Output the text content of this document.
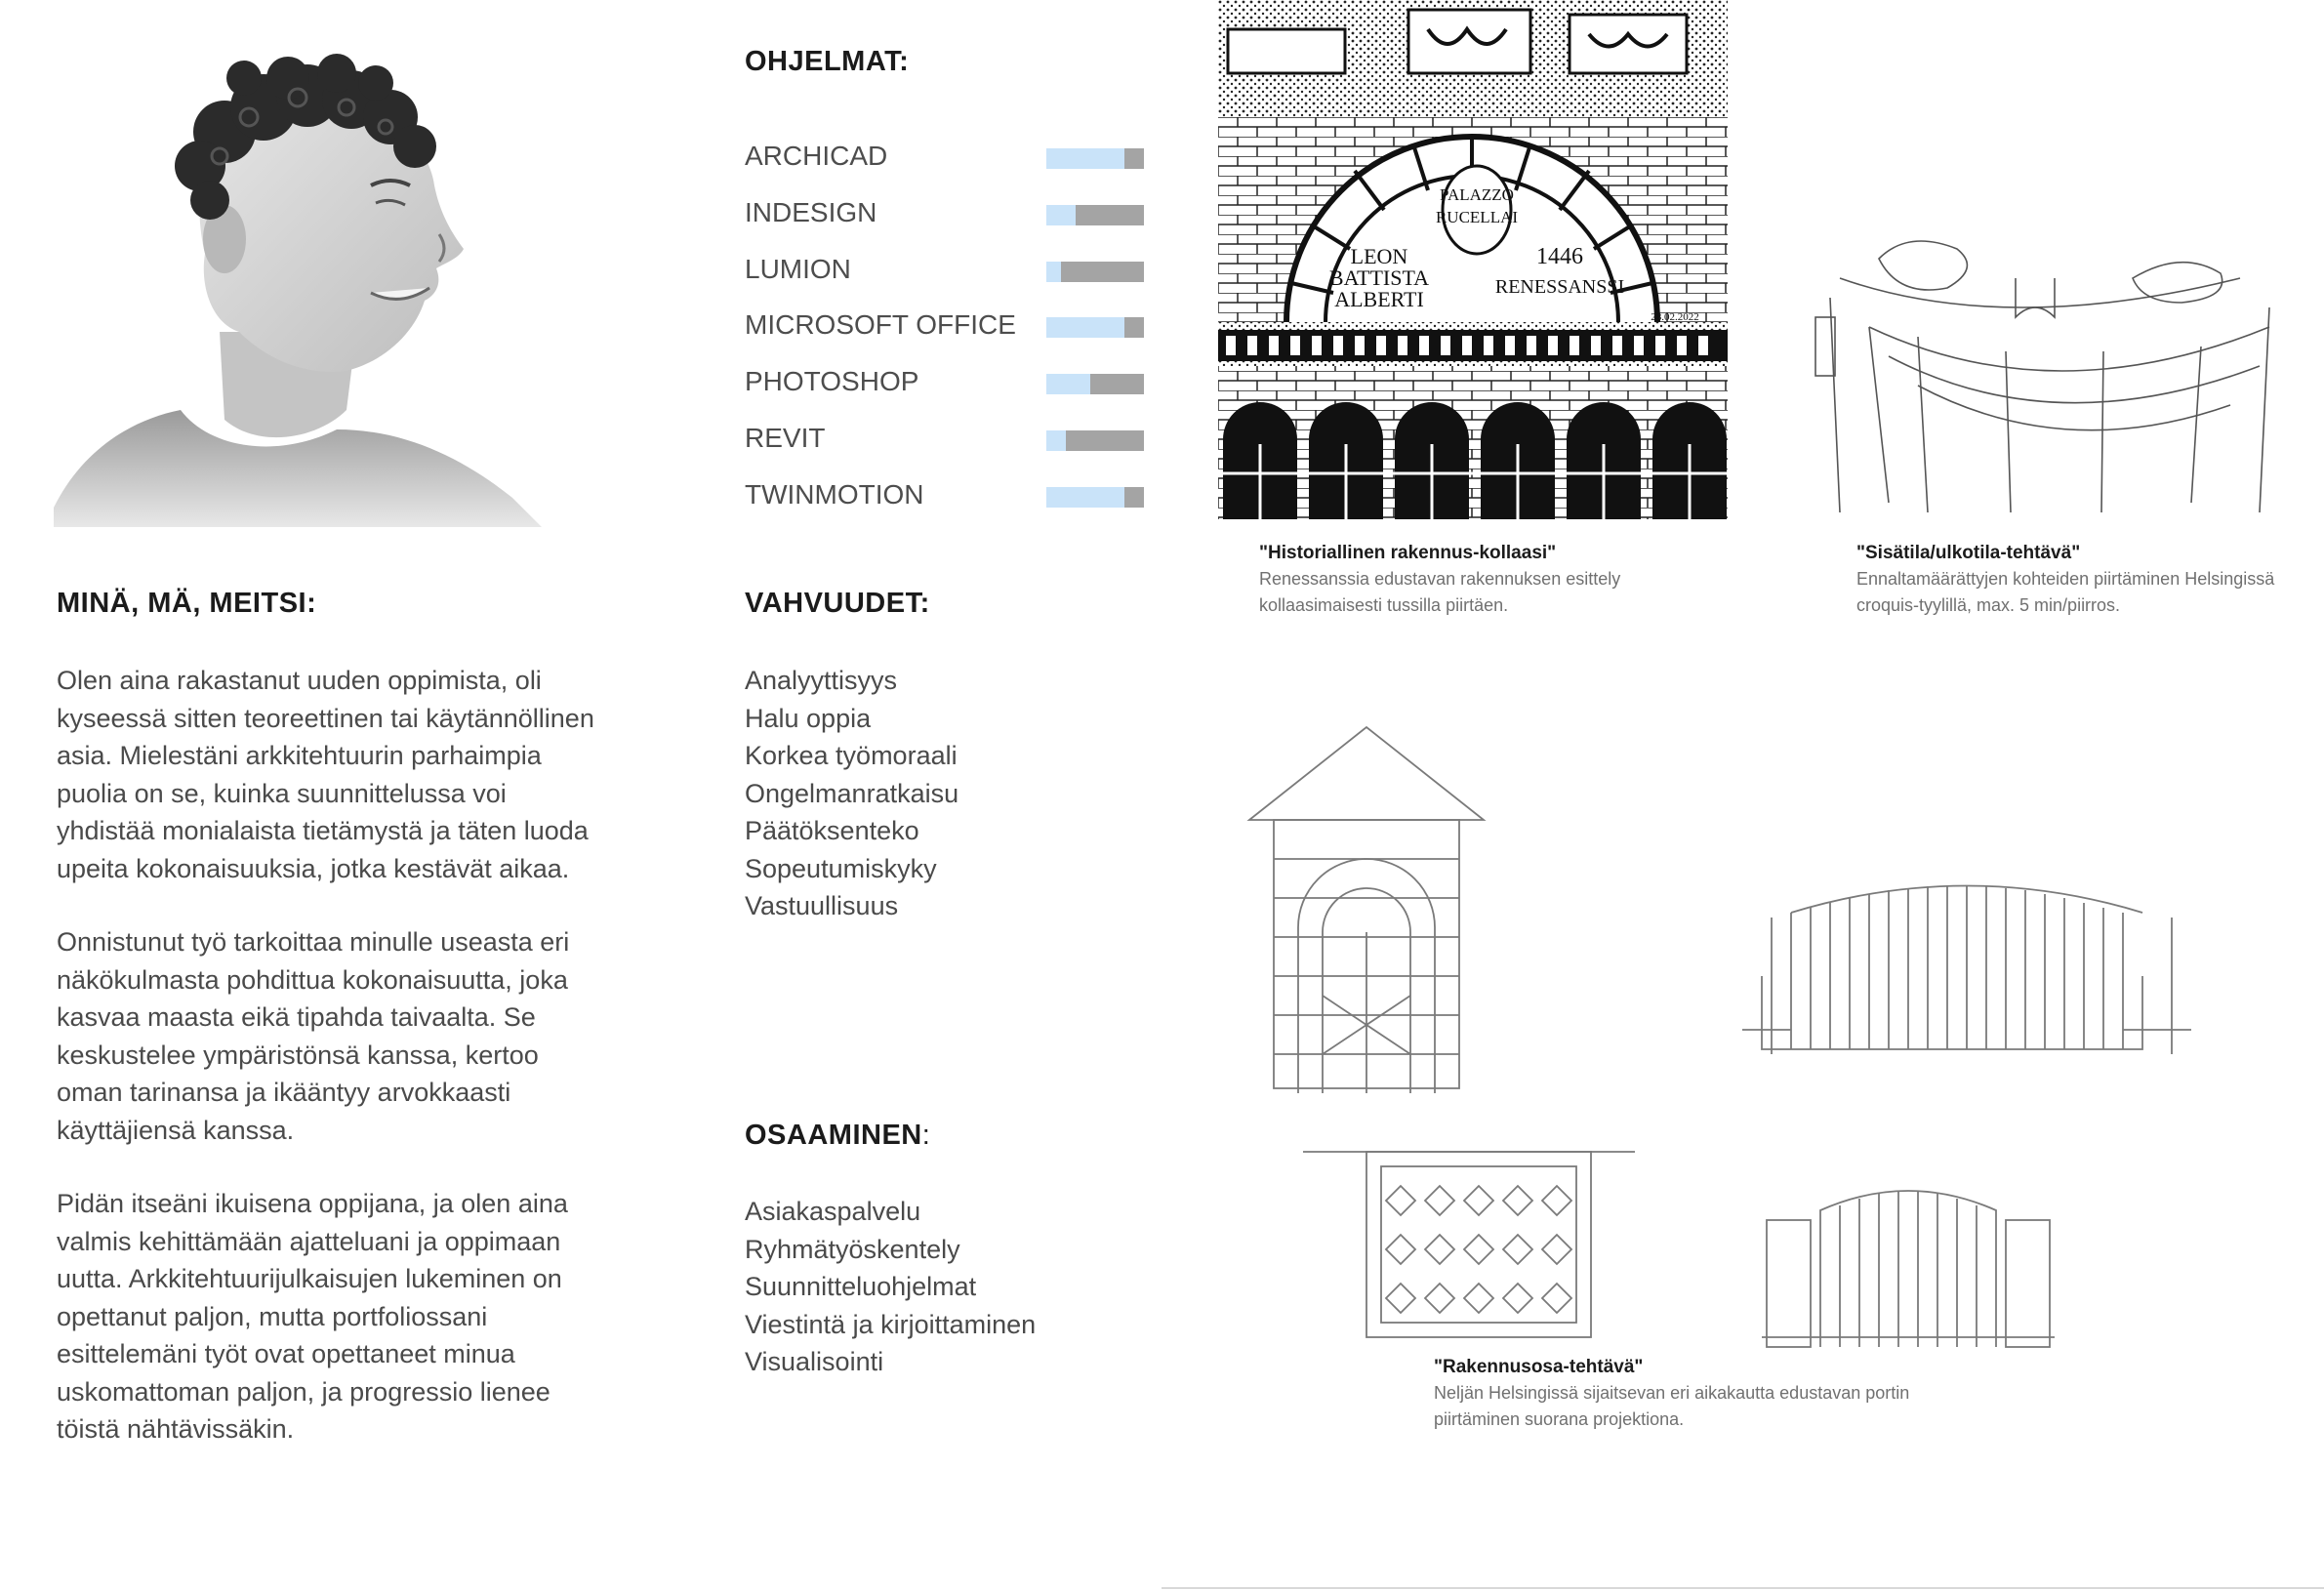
MINÄ, MÄ, MEITSI:

Olen aina rakastanut uuden oppimista, oli kyseessä sitten teoreettinen tai käytännöllinen asia. Mielestäni arkkitehtuurin parhaimpia puolia on se, kuinka suunnittelussa voi yhdistää monialaista tietämystä ja täten luoda upeita kokonaisuuksia, jotka kestävät aikaa.

Onnistunut työ tarkoittaa minulle useasta eri näkökulmasta pohdittua kokonaisuutta, joka kasvaa maasta eikä tipahda taivaalta. Se keskustelee ympäristönsä kanssa, kertoo oman tarinansa ja ikääntyy arvokkaasti käyttäjiensä kanssa.

Pidän itseäni ikuisena oppijana, ja olen aina valmis kehittämään ajatteluani ja oppimaan uutta. Arkkitehtuurijulkaisujen lukeminen on opettanut paljon, mutta portfoliossani esittelemäni työt ovat opettaneet minua uskomattoman paljon, ja progressio lienee töistä nähtävissäkin.

OHJELMAT:
ARCHICAD
INDESIGN
LUMION
MICROSOFT OFFICE
PHOTOSHOP
REVIT
TWINMOTION
VAHVUUDET:
Analyyttisyys
Halu oppia
Korkea työmoraali
Ongelmanratkaisu
Päätöksenteko
Sopeutumiskyky
Vastuullisuus
OSAAMINEN:
Asiakaspalvelu
Ryhmätyöskentely
Suunnitteluohjelmat
Viestintä ja kirjoittaminen
Visualisointi
PALAZZO
RUCELLAI
LEON
BATTISTA
ALBERTI
1446
RENESSANSSI
28.02.2022
"Historiallinen rakennus-kollaasi"
Renessanssia edustavan rakennuksen esittely
kollaasimaisesti tussilla piirtäen.
"Sisätila/ulkotila-tehtävä"
Ennaltamäärättyjen kohteiden piirtäminen Helsingissä
croquis-tyylillä, max. 5 min/piirros.
"Rakennusosa-tehtävä"
Neljän Helsingissä sijaitsevan eri aikakautta edustavan portin
piirtäminen suorana projektiona.
